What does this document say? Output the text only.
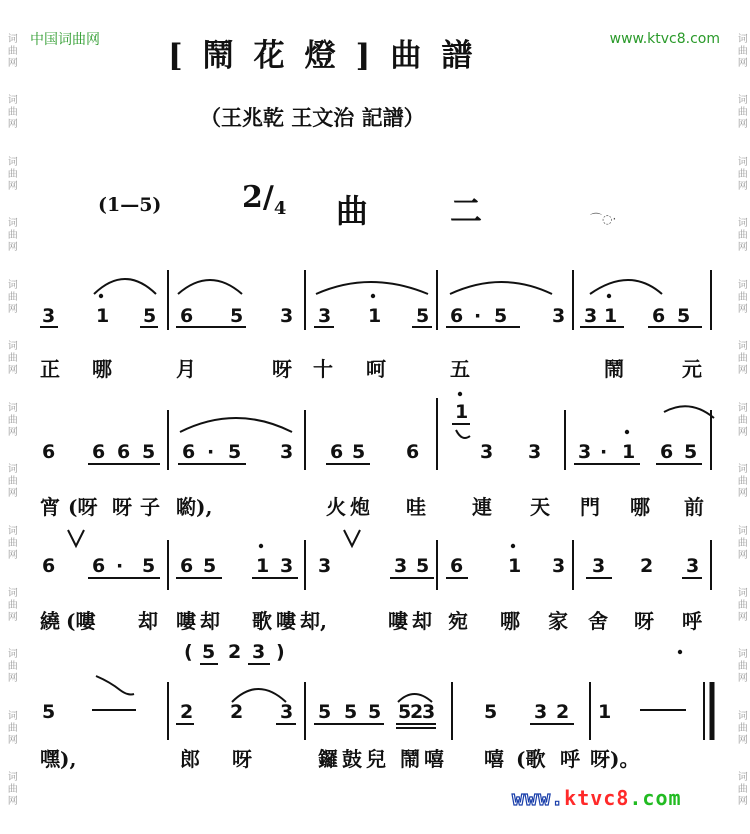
词曲网
词曲网
词曲网
词曲网
词曲网
词曲网
词曲网
词曲网
词曲网
词曲网
词曲网
词曲网
词曲网
词曲网
词曲网
词曲网
词曲网
词曲网
词曲网
词曲网
词曲网
词曲网
词曲网
词曲网
词曲网
词曲网
中国词曲网	www.ktvc8.com
[鬧花燈]曲譜
（王兆乾 王文治 記譜）
(1—5)	$2/_4$ 曲二 ⌒◌·
3 1 5 6 5 3 3 1 5 6 · 5 3 3 1 6 5
正 哪	月	呀 十 呵	五	鬧	元
6 6 6 5 6 · 5 3 6 5 6
1
3 3 3 · 1 6 5
宵 (呀 呀 子 喲),	火 炮 哇 連 天 門 哪 前
6 6 · 5 6 5 1 3 3	3 5 6 1 3 3 2 3
繞 (嘍 却 嘍 却 歌 嘍 却,	嘍 却 宛 哪 家 舍 呀 呼
( 5 2 3 )
5	2 2 3 5 5 5 5
2
3	5 3 2 1
嘿),	郎 呀	鑼 鼓 兒 鬧 嘻 嘻 (歌 呼 呀)。
www.ktvc8.com
